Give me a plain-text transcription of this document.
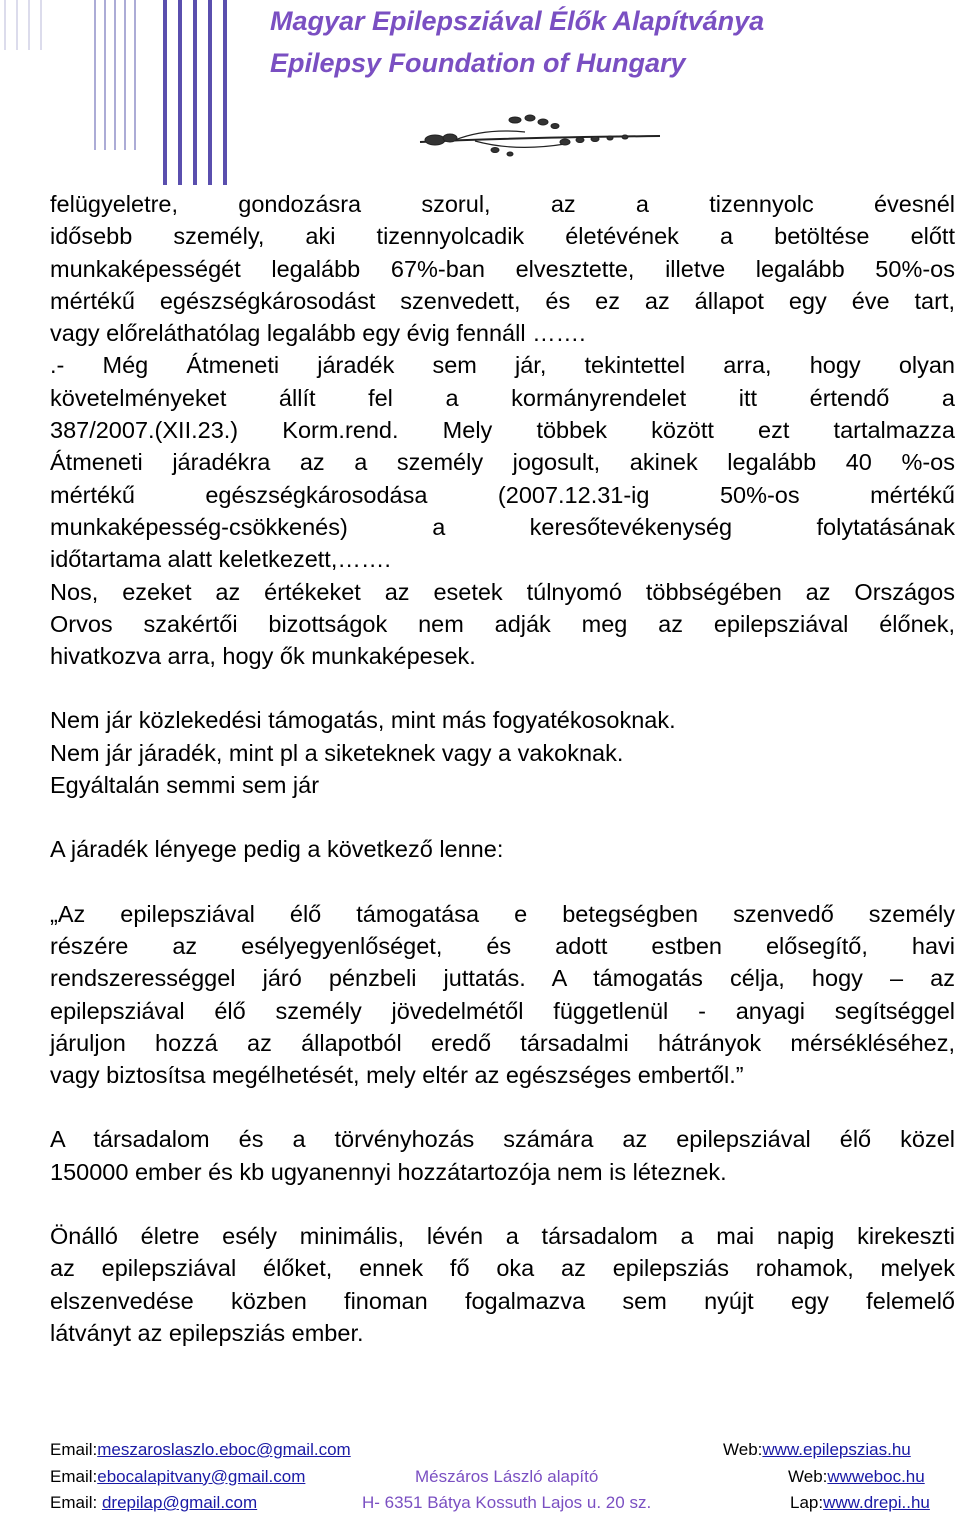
Magyar Epilepsziával Élők Alapítványa
Epilepsy Foundation of Hungary

felügyeletre, gondozásra szorul, az a tizennyolc évesnél

idősebb személy, aki tizennyolcadik életévének a betöltése előtt

munkaképességét legalább 67%-ban elvesztette, illetve legalább 50%-os

mértékű egészségkárosodást szenvedett, és ez az állapot egy éve tart,

vagy előreláthatólag legalább egy évig fennáll …….

.- Még Átmeneti járadék sem jár, tekintettel arra, hogy olyan

követelményeket állít fel a kormányrendelet itt értendő a

387/2007.(XII.23.) Korm.rend. Mely többek között ezt tartalmazza

Átmeneti járadékra az a személy jogosult, akinek legalább 40 %-os

mértékű egészségkárosodása (2007.12.31-ig 50%-os mértékű

munkaképesség-csökkenés) a keresőtevékenység folytatásának

időtartama alatt keletkezett,…….

Nos, ezeket az értékeket az esetek túlnyomó többségében az Országos

Orvos szakértői bizottságok nem adják meg az epilepsziával élőnek,

hivatkozva arra, hogy ők munkaképesek.

Nem jár közlekedési támogatás, mint más fogyatékosoknak.

Nem jár járadék, mint pl a siketeknek vagy a vakoknak.

Egyáltalán semmi sem jár

A járadék lényege pedig a következő lenne:

„Az epilepsziával élő támogatása e betegségben szenvedő személy

részére az esélyegyenlőséget, és adott estben elősegítő, havi

rendszerességgel járó pénzbeli juttatás. A támogatás célja, hogy – az

epilepsziával élő személy jövedelmétől függetlenül - anyagi segítséggel

járuljon hozzá az állapotból eredő társadalmi hátrányok mérsékléséhez,

vagy biztosítsa megélhetését, mely eltér az egészséges embertől.”

A társadalom és a törvényhozás számára az epilepsziával élő közel

150000 ember és kb ugyanennyi hozzátartozója nem is léteznek.

Önálló életre esély minimális, lévén a társadalom a mai napig kirekeszti

az epilepsziával élőket, ennek fő oka az epilepsziás rohamok, melyek

elszenvedése közben finoman fogalmazva sem nyújt egy felemelő

látványt az epilepsziás ember.

Email:meszaroslaszlo.eboc@gmail.com	Web:www.epilepszias.hu
Email:ebocalapitvany@gmail.com	Mészáros László alapító	Web:wwweboc.hu
Email: drepilap@gmail.com	H- 6351 Bátya Kossuth Lajos u. 20 sz.	Lap:www.drepi..hu
